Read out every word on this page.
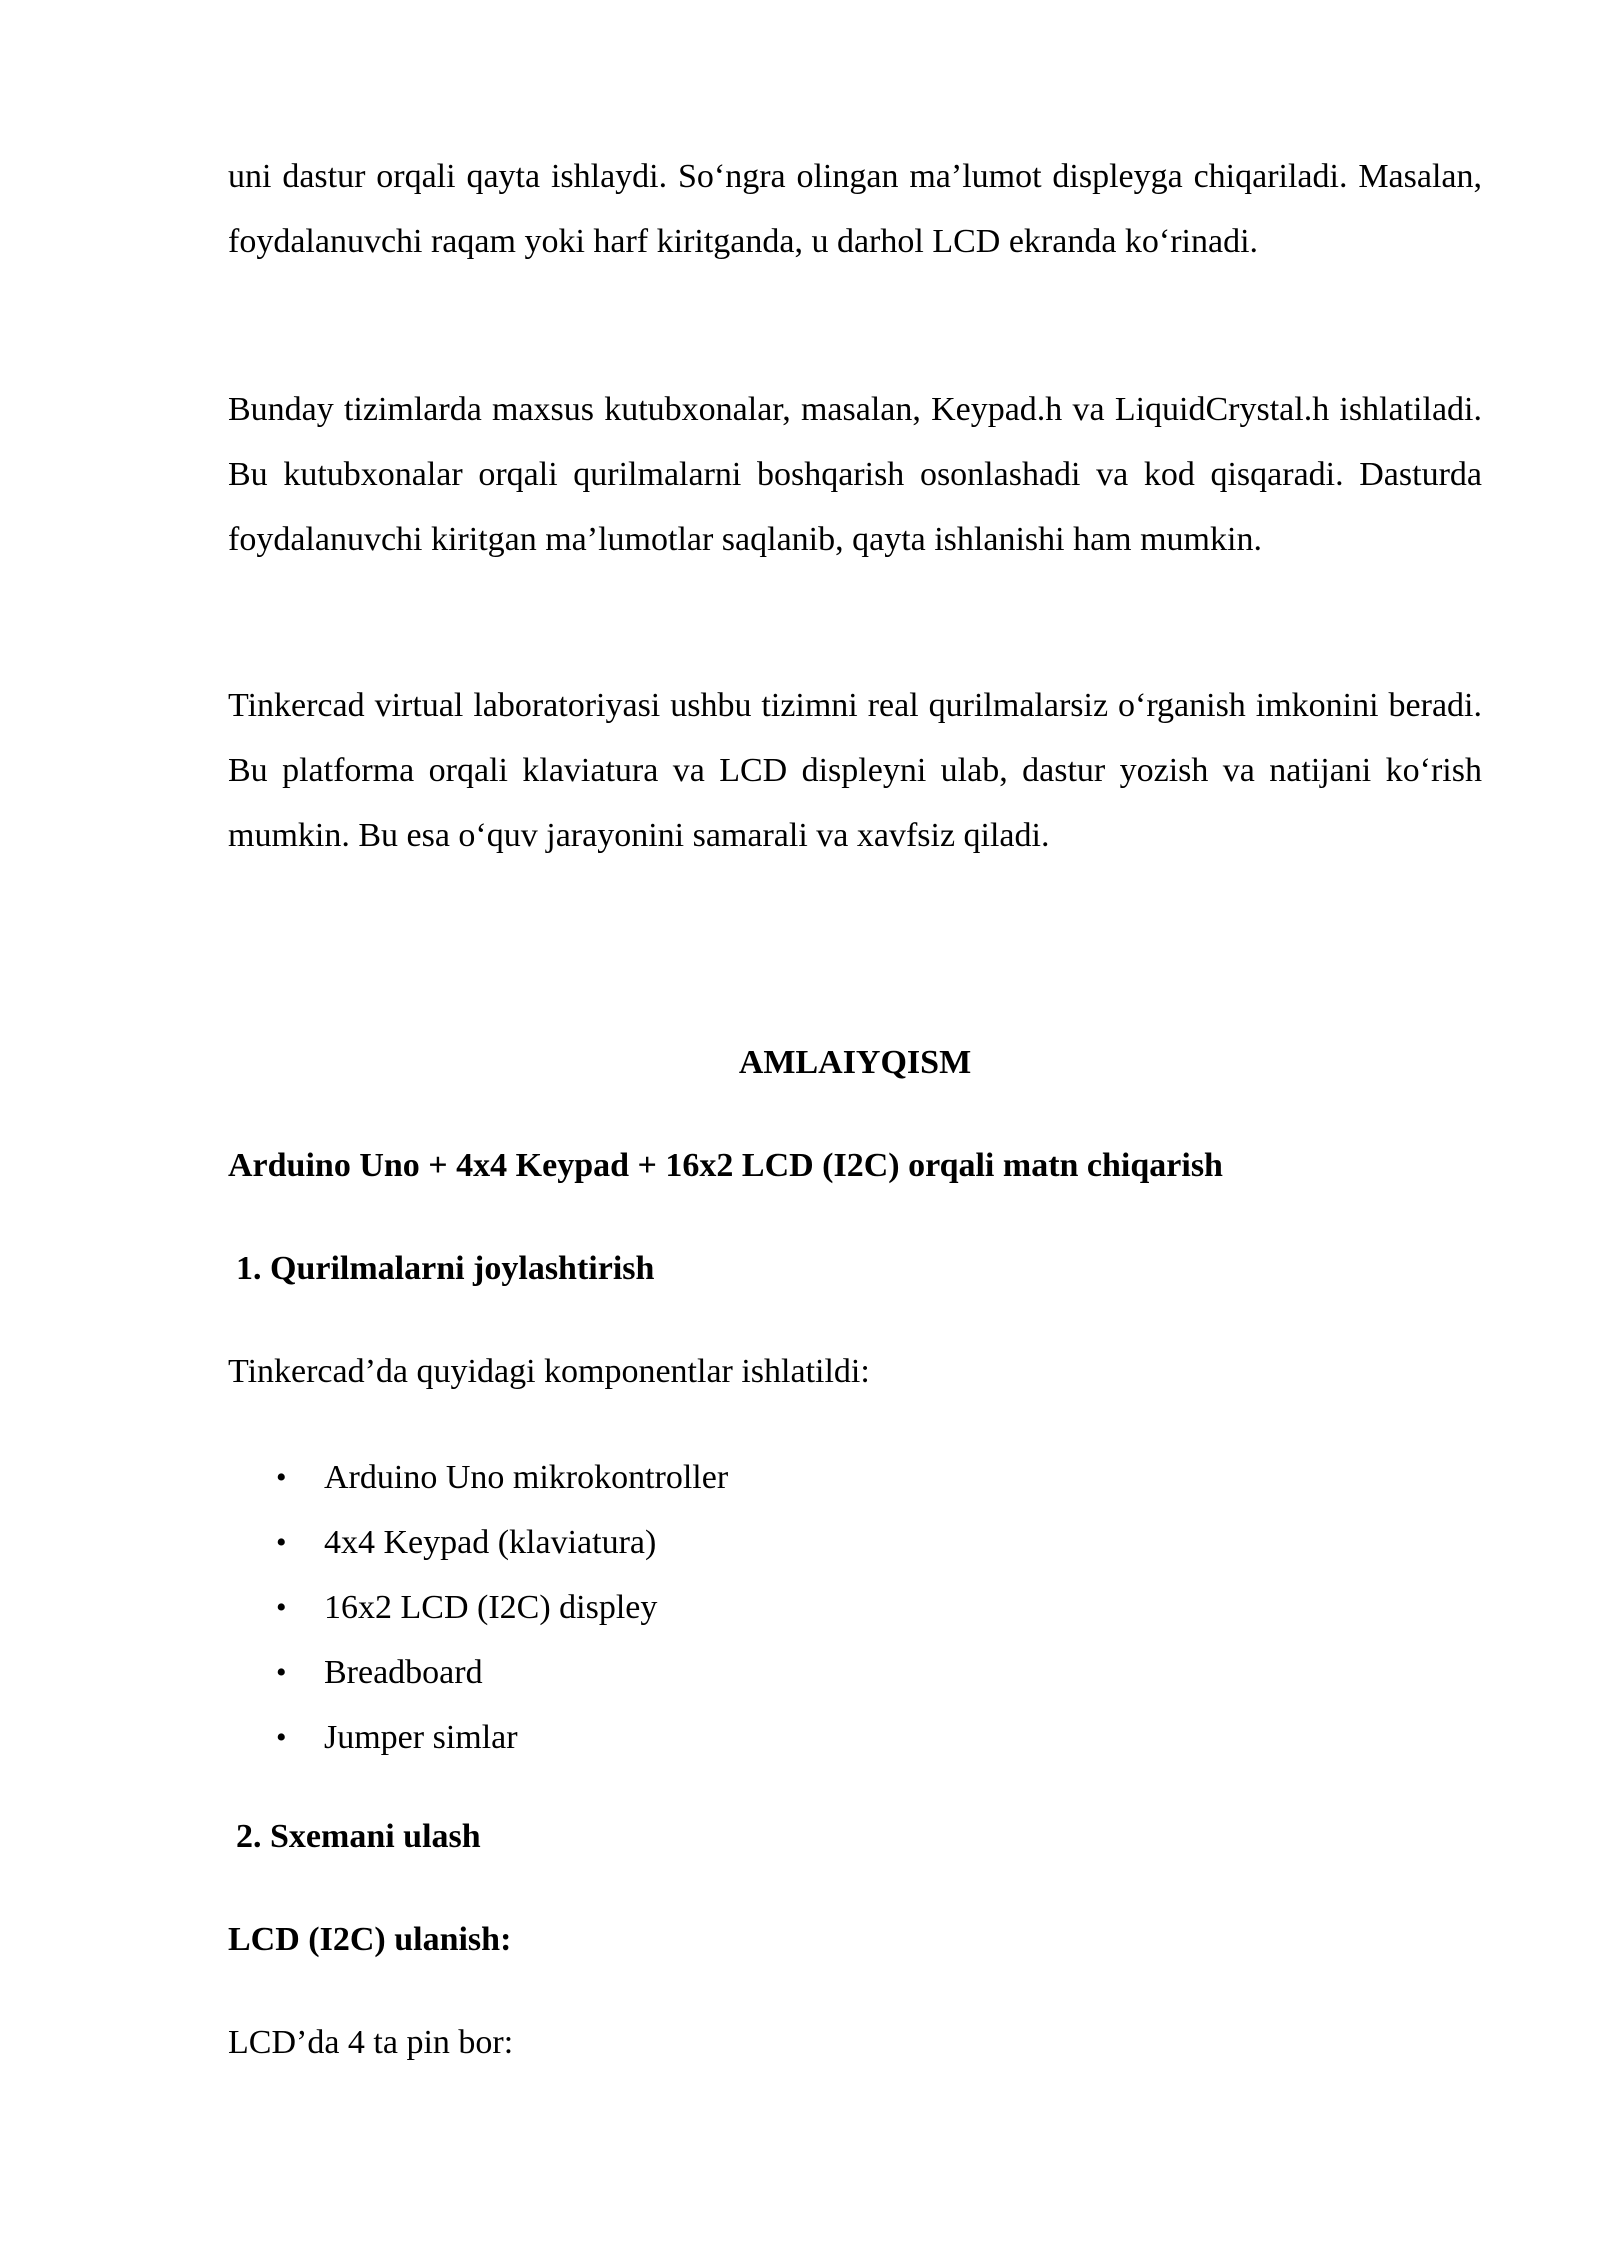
uni dastur orqali qayta ishlaydi. So‘ngra olingan ma’lumot displeyga chiqariladi. Masalan, foydalanuvchi raqam yoki harf kiritganda, u darhol LCD ekranda ko‘rinadi.

Bunday tizimlarda maxsus kutubxonalar, masalan, Keypad.h va LiquidCrystal.h ishlatiladi. Bu kutubxonalar orqali qurilmalarni boshqarish osonlashadi va kod qisqaradi. Dasturda foydalanuvchi kiritgan ma’lumotlar saqlanib, qayta ishlanishi ham mumkin.

Tinkercad virtual laboratoriyasi ushbu tizimni real qurilmalarsiz o‘rganish imkonini beradi. Bu platforma orqali klaviatura va LCD displeyni ulab, dastur yozish va natijani ko‘rish mumkin. Bu esa o‘quv jarayonini samarali va xavfsiz qiladi.

AMLAIYQISM
Arduino Uno + 4x4 Keypad + 16x2 LCD (I2C) orqali matn chiqarish
1. Qurilmalarni joylashtirish

Tinkercad’da quyidagi komponentlar ishlatildi:

• Arduino Uno mikrokontroller
• 4x4 Keypad (klaviatura)
• 16x2 LCD (I2C) displey
• Breadboard
• Jumper simlar
2. Sxemani ulash
LCD (I2C) ulanish:

LCD’da 4 ta pin bor:
